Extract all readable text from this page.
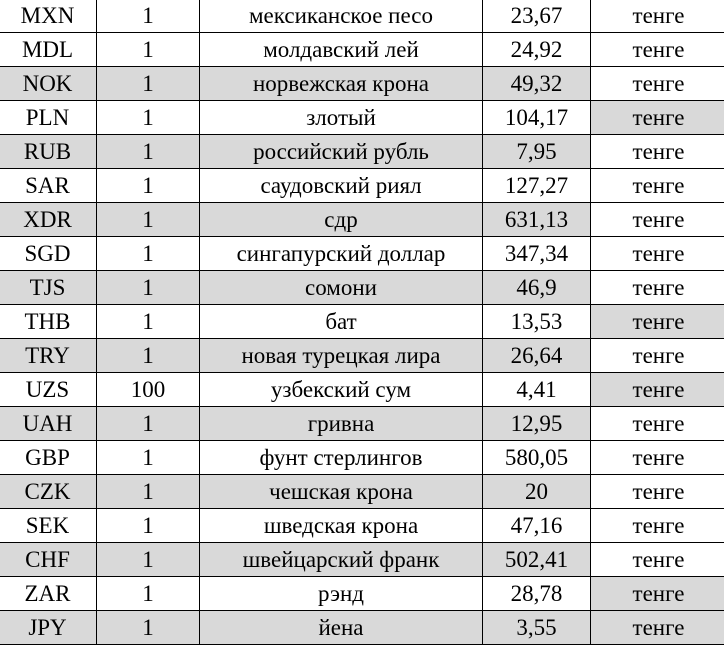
MXN	1	мексиканское песо	23,67	тенге
MDL	1	молдавский лей	24,92	тенге
NOK	1	норвежская крона	49,32	тенге
PLN	1	злотый	104,17	тенге
RUB	1	российский рубль	7,95	тенге
SAR	1	саудовский риял	127,27	тенге
XDR	1	сдр	631,13	тенге
SGD	1	сингапурский доллар	347,34	тенге
TJS	1	сомони	46,9	тенге
THB	1	бат	13,53	тенге
TRY	1	новая турецкая лира	26,64	тенге
UZS	100	узбекский сум	4,41	тенге
UAH	1	гривна	12,95	тенге
GBP	1	фунт стерлингов	580,05	тенге
CZK	1	чешская крона	20	тенге
SEK	1	шведская крона	47,16	тенге
CHF	1	швейцарский франк	502,41	тенге
ZAR	1	рэнд	28,78	тенге
JPY	1	йена	3,55	тенге
